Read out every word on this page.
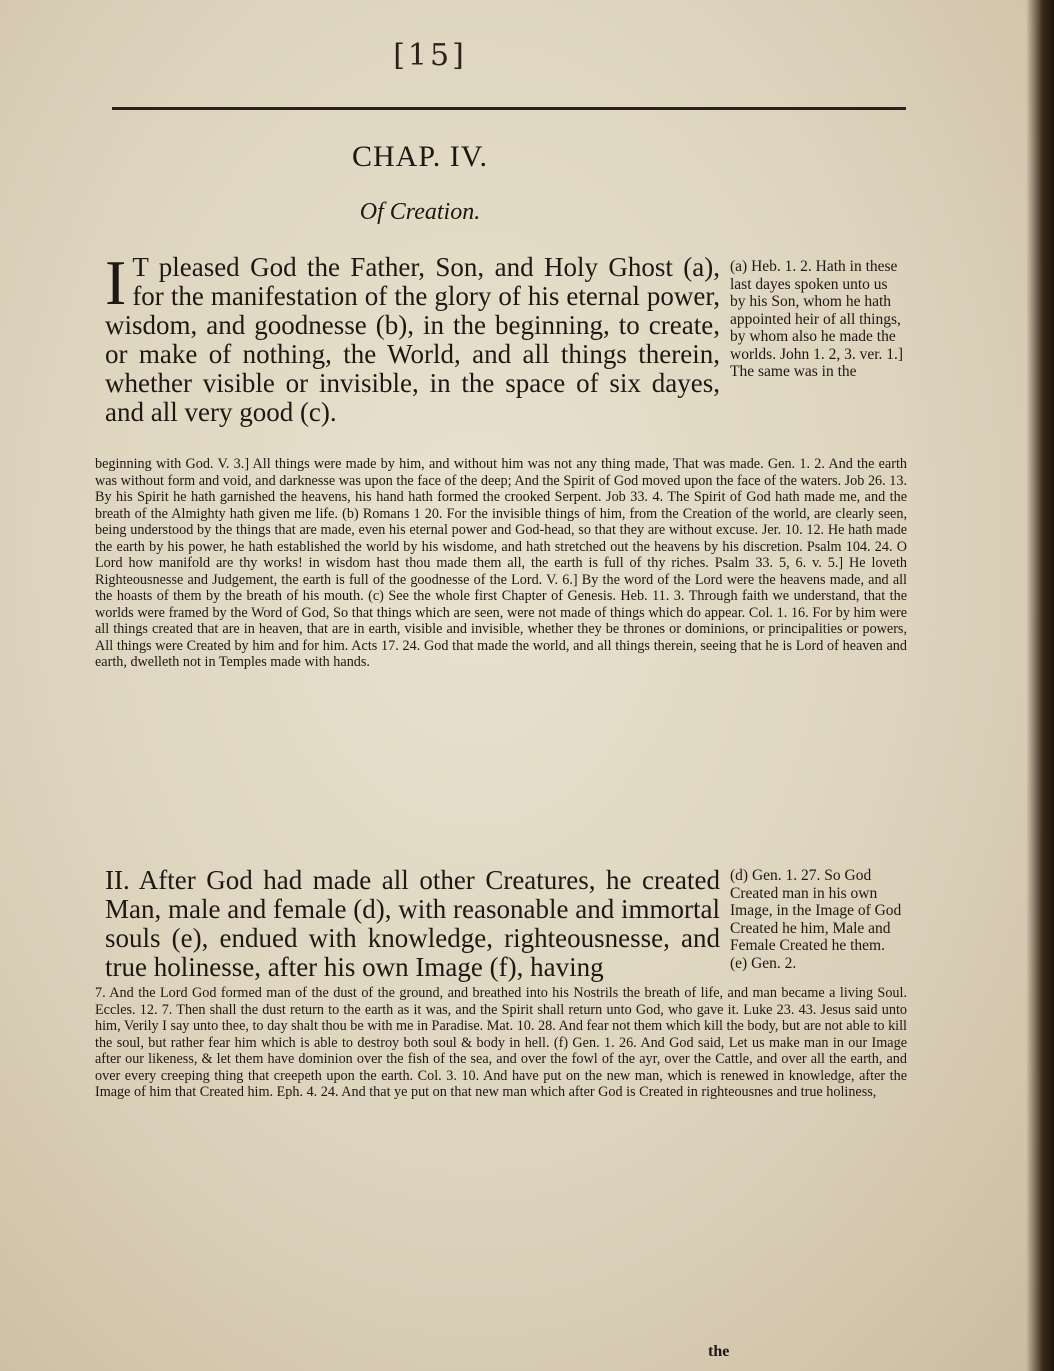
[15]
CHAP. IV.
Of Creation.

I T pleased God the Father, Son, and Holy Ghost (a), for the manifestation of the glory of his eternal power, wisdom, and goodnesse (b), in the beginning, to create, or make of nothing, the World, and all things therein, whether visible or invisible, in the space of six dayes, and all very good (c).

(a) Heb. 1. 2. Hath in these last dayes spoken unto us by his Son, whom he hath appointed heir of all things, by whom also he made the worlds. John 1. 2, 3. ver. 1.] The same was in the

beginning with God. V. 3.] All things were made by him, and without him was not any thing made, That was made. Gen. 1. 2. And the earth was without form and void, and darknesse was upon the face of the deep; And the Spirit of God moved upon the face of the waters. Job 26. 13. By his Spirit he hath garnished the heavens, his hand hath formed the crooked Serpent. Job 33. 4. The Spirit of God hath made me, and the breath of the Almighty hath given me life. (b) Romans 1 20. For the invisible things of him, from the Creation of the world, are clearly seen, being understood by the things that are made, even his eternal power and God-head, so that they are without excuse. Jer. 10. 12. He hath made the earth by his power, he hath established the world by his wisdome, and hath stretched out the heavens by his discretion. Psalm 104. 24. O Lord how manifold are thy works! in wisdom hast thou made them all, the earth is full of thy riches. Psalm 33. 5, 6. v. 5.] He loveth Righteousnesse and Judgement, the earth is full of the goodnesse of the Lord. V. 6.] By the word of the Lord were the heavens made, and all the hoasts of them by the breath of his mouth. (c) See the whole first Chapter of Genesis. Heb. 11. 3. Through faith we understand, that the worlds were framed by the Word of God, So that things which are seen, were not made of things which do appear. Col. 1. 16. For by him were all things created that are in heaven, that are in earth, visible and invisible, whether they be thrones or dominions, or principalities or powers, All things were Created by him and for him. Acts 17. 24. God that made the world, and all things therein, seeing that he is Lord of heaven and earth, dwelleth not in Temples made with hands.

II. After God had made all other Creatures, he created Man, male and female (d), with reasonable and immortal souls (e), endued with knowledge, righteousnesse, and true holinesse, after his own Image (f), having

(d) Gen. 1. 27. So God Created man in his own Image, in the Image of God Created he him, Male and Female Created he them. (e) Gen. 2.

7. And the Lord God formed man of the dust of the ground, and breathed into his Nostrils the breath of life, and man became a living Soul. Eccles. 12. 7. Then shall the dust return to the earth as it was, and the Spirit shall return unto God, who gave it. Luke 23. 43. Jesus said unto him, Verily I say unto thee, to day shalt thou be with me in Paradise. Mat. 10. 28. And fear not them which kill the body, but are not able to kill the soul, but rather fear him which is able to destroy both soul & body in hell. (f) Gen. 1. 26. And God said, Let us make man in our Image after our likeness, & let them have dominion over the fish of the sea, and over the fowl of the ayr, over the Cattle, and over all the earth, and over every creeping thing that creepeth upon the earth. Col. 3. 10. And have put on the new man, which is renewed in knowledge, after the Image of him that Created him. Eph. 4. 24. And that ye put on that new man which after God is Created in righteousnes and true holiness,

the
